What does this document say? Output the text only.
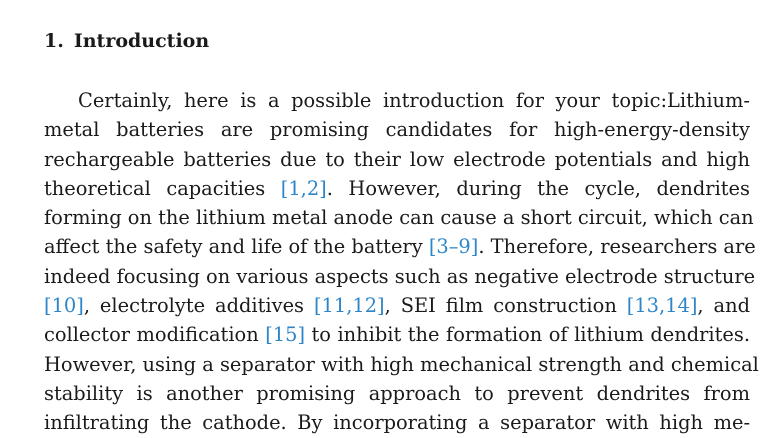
1. Introduction
Certainly, here is a possible introduction for your topic:Lithium-
metal batteries are promising candidates for high-energy-density
rechargeable batteries due to their low electrode potentials and high
theoretical capacities [1,2]. However, during the cycle, dendrites
forming on the lithium metal anode can cause a short circuit, which can
affect the safety and life of the battery [3–9]. Therefore, researchers are
indeed focusing on various aspects such as negative electrode structure
[10], electrolyte additives [11,12], SEI film construction [13,14], and
collector modification [15] to inhibit the formation of lithium dendrites.
However, using a separator with high mechanical strength and chemical
stability is another promising approach to prevent dendrites from
infiltrating the cathode. By incorporating a separator with high me-
